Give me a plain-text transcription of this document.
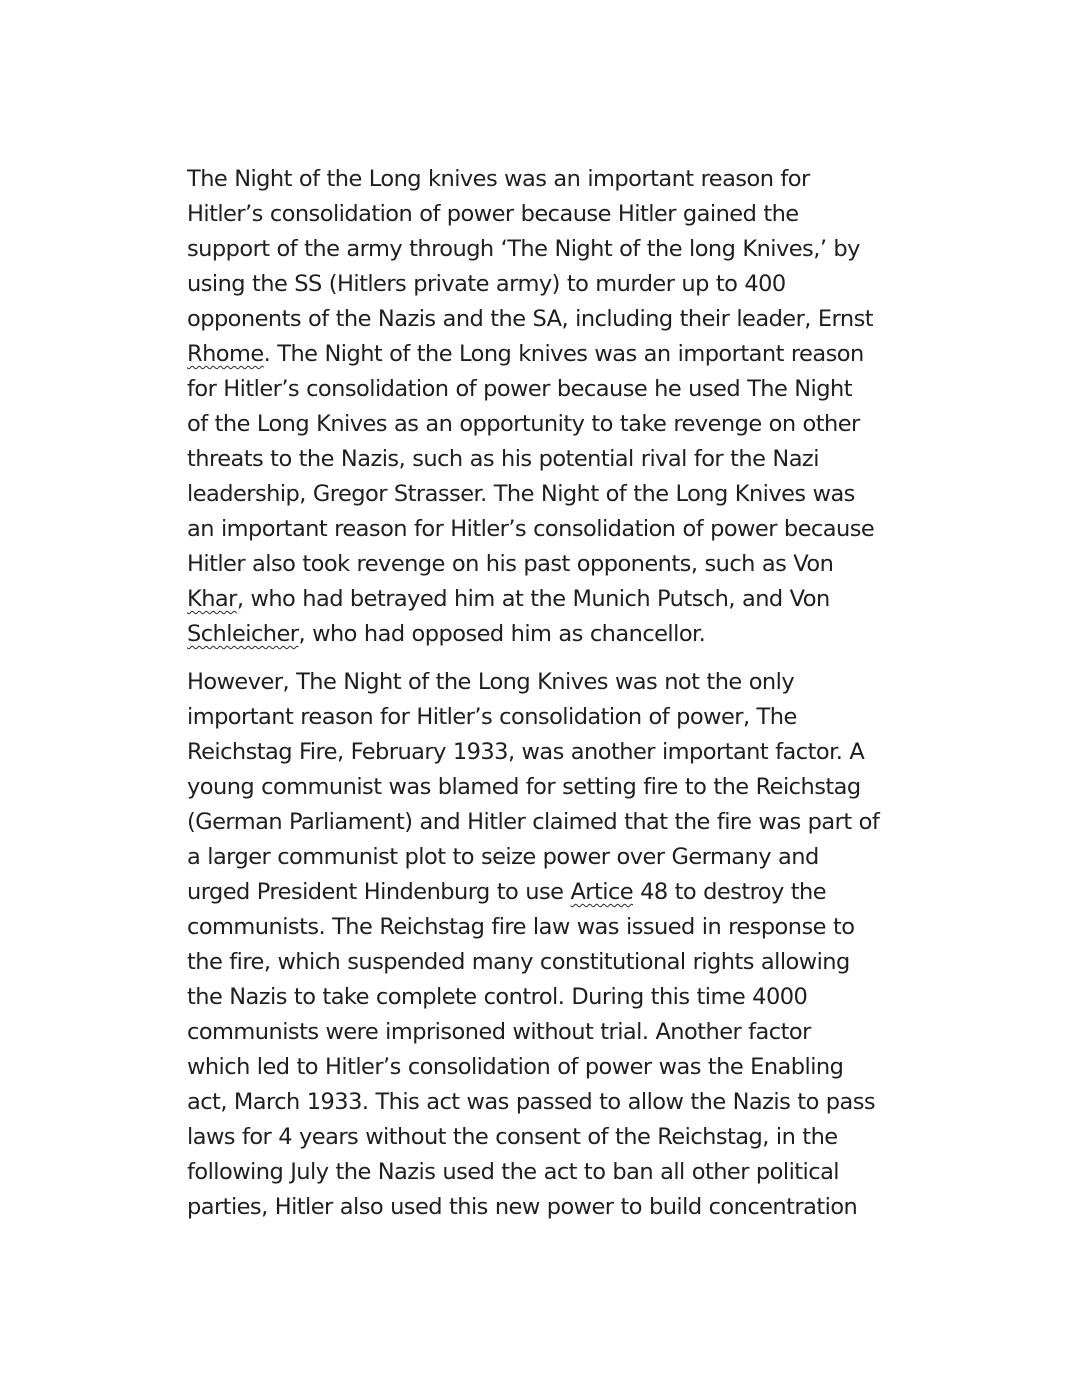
The Night of the Long knives was an important reason for
Hitler’s consolidation of power because Hitler gained the
support of the army through ‘The Night of the long Knives,’ by
using the SS (Hitlers private army) to murder up to 400
opponents of the Nazis and the SA, including their leader, Ernst
Rhome. The Night of the Long knives was an important reason
for Hitler’s consolidation of power because he used The Night
of the Long Knives as an opportunity to take revenge on other
threats to the Nazis, such as his potential rival for the Nazi
leadership, Gregor Strasser. The Night of the Long Knives was
an important reason for Hitler’s consolidation of power because
Hitler also took revenge on his past opponents, such as Von
Khar, who had betrayed him at the Munich Putsch, and Von
Schleicher, who had opposed him as chancellor.

However, The Night of the Long Knives was not the only
important reason for Hitler’s consolidation of power, The
Reichstag Fire, February 1933, was another important factor. A
young communist was blamed for setting fire to the Reichstag
(German Parliament) and Hitler claimed that the fire was part of
a larger communist plot to seize power over Germany and
urged President Hindenburg to use Artice 48 to destroy the
communists. The Reichstag fire law was issued in response to
the fire, which suspended many constitutional rights allowing
the Nazis to take complete control. During this time 4000
communists were imprisoned without trial. Another factor
which led to Hitler’s consolidation of power was the Enabling
act, March 1933. This act was passed to allow the Nazis to pass
laws for 4 years without the consent of the Reichstag, in the
following July the Nazis used the act to ban all other political
parties, Hitler also used this new power to build concentration
